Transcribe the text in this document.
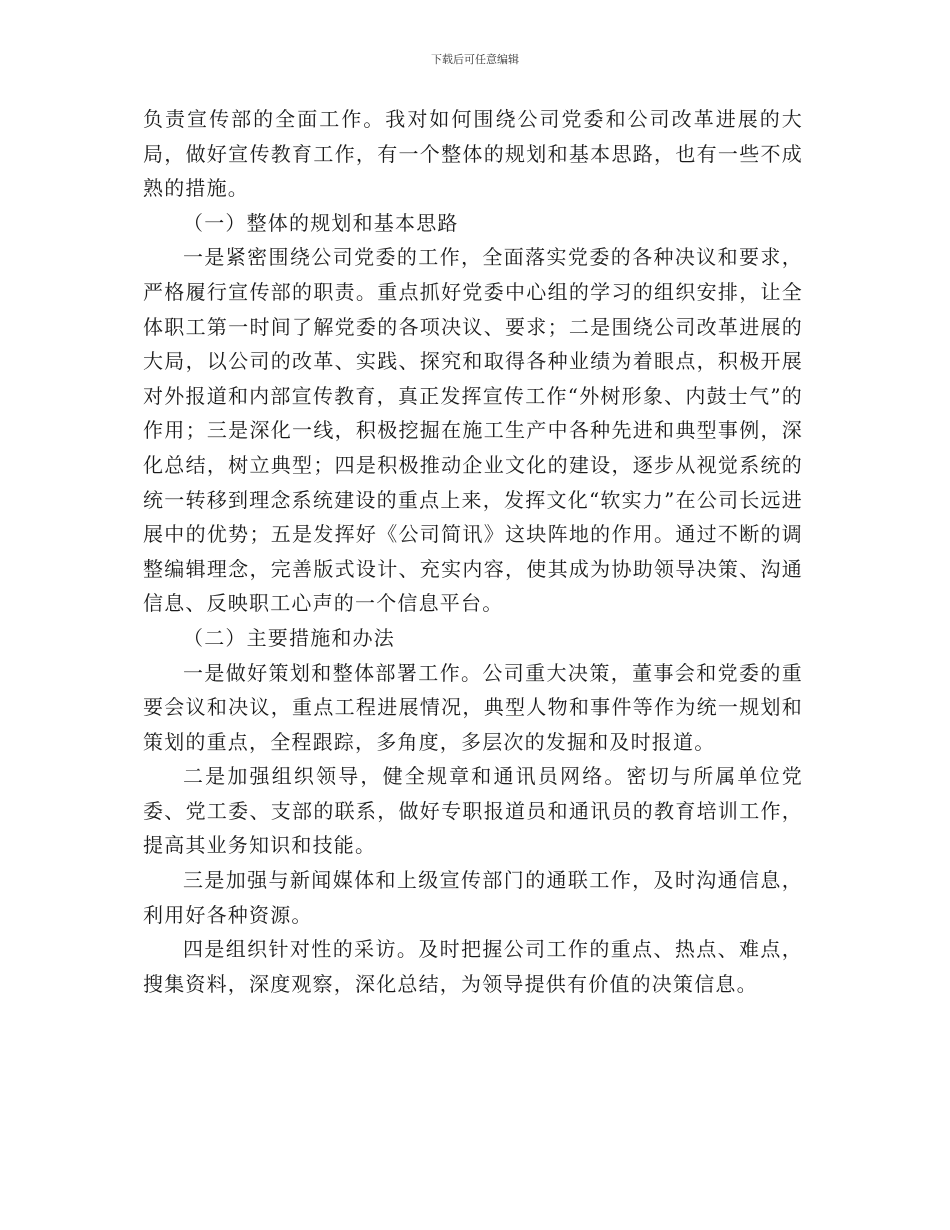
下载后可任意编辑

负责宣传部的全面工作。我对如何围绕公司党委和公司改革进展的大局，做好宣传教育工作，有一个整体的规划和基本思路，也有一些不成熟的措施。

（一）整体的规划和基本思路

一是紧密围绕公司党委的工作，全面落实党委的各种决议和要求，严格履行宣传部的职责。重点抓好党委中心组的学习的组织安排，让全体职工第一时间了解党委的各项决议、要求；二是围绕公司改革进展的大局，以公司的改革、实践、探究和取得各种业绩为着眼点，积极开展对外报道和内部宣传教育，真正发挥宣传工作“外树形象、内鼓士气”的作用；三是深化一线，积极挖掘在施工生产中各种先进和典型事例，深化总结，树立典型；四是积极推动企业文化的建设，逐步从视觉系统的统一转移到理念系统建设的重点上来，发挥文化“软实力”在公司长远进展中的优势；五是发挥好《公司简讯》这块阵地的作用。通过不断的调整编辑理念，完善版式设计、充实内容，使其成为协助领导决策、沟通信息、反映职工心声的一个信息平台。

（二）主要措施和办法

一是做好策划和整体部署工作。公司重大决策，董事会和党委的重要会议和决议，重点工程进展情况，典型人物和事件等作为统一规划和策划的重点，全程跟踪，多角度，多层次的发掘和及时报道。

二是加强组织领导，健全规章和通讯员网络。密切与所属单位党委、党工委、支部的联系，做好专职报道员和通讯员的教育培训工作，提高其业务知识和技能。

三是加强与新闻媒体和上级宣传部门的通联工作，及时沟通信息，利用好各种资源。

四是组织针对性的采访。及时把握公司工作的重点、热点、难点，搜集资料，深度观察，深化总结，为领导提供有价值的决策信息。
